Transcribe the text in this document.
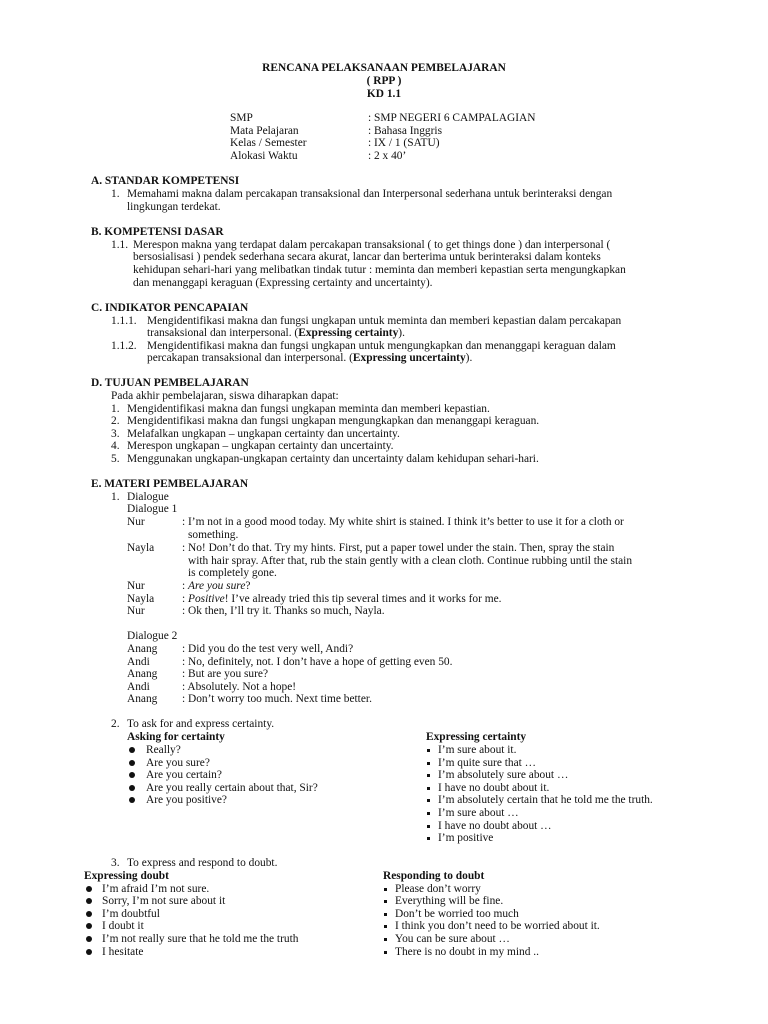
RENCANA PELAKSANAAN PEMBELAJARAN
( RPP )
KD 1.1
SMP	: SMP NEGERI 6 CAMPALAGIAN
Mata Pelajaran	: Bahasa Inggris
Kelas / Semester	: IX / 1 (SATU)
Alokasi Waktu	: 2 x 40’
A. STANDAR KOMPETENSI
1. Memahami makna dalam percakapan transaksional dan Interpersonal sederhana untuk berinteraksi dengan
lingkungan terdekat.
B. KOMPETENSI DASAR
1.1. Merespon makna yang terdapat dalam percakapan transaksional ( to get things done ) dan interpersonal (
bersosialisasi ) pendek sederhana secara akurat, lancar dan berterima untuk berinteraksi dalam konteks
kehidupan sehari-hari yang melibatkan tindak tutur : meminta dan memberi kepastian serta mengungkapkan
dan menanggapi keraguan (Expressing certainty and uncertainty).
C. INDIKATOR PENCAPAIAN
1.1.1. Mengidentifikasi makna dan fungsi ungkapan untuk meminta dan memberi kepastian dalam percakapan
transaksional dan interpersonal. (Expressing certainty).
1.1.2. Mengidentifikasi makna dan fungsi ungkapan untuk mengungkapkan dan menanggapi keraguan dalam
percakapan transaksional dan interpersonal. (Expressing uncertainty).
D. TUJUAN PEMBELAJARAN
Pada akhir pembelajaran, siswa diharapkan dapat:
1. Mengidentifikasi makna dan fungsi ungkapan meminta dan memberi kepastian.
2. Mengidentifikasi makna dan fungsi ungkapan mengungkapkan dan menanggapi keraguan.
3. Melafalkan ungkapan – ungkapan certainty dan uncertainty.
4. Merespon ungkapan – ungkapan certainty dan uncertainty.
5. Menggunakan ungkapan-ungkapan certainty dan uncertainty dalam kehidupan sehari-hari.
E. MATERI PEMBELAJARAN
1. Dialogue
Dialogue 1
Nur	: I’m not in a good mood today. My white shirt is stained. I think it’s better to use it for a cloth or
something.
Nayla : No! Don’t do that. Try my hints. First, put a paper towel under the stain. Then, spray the stain
with hair spray. After that, rub the stain gently with a clean cloth. Continue rubbing until the stain
is completely gone.
Nur	: Are you sure?
Nayla : Positive! I’ve already tried this tip several times and it works for me.
Nur	: Ok then, I’ll try it. Thanks so much, Nayla.
Dialogue 2
Anang : Did you do the test very well, Andi?
Andi	: No, definitely, not. I don’t have a hope of getting even 50.
Anang : But are you sure?
Andi	: Absolutely. Not a hope!
Anang : Don’t worry too much. Next time better.
2. To ask for and express certainty.
Asking for certainty
Really?
Are you sure?
Are you certain?
Are you really certain about that, Sir?
Are you positive?
Expressing certainty
I’m sure about it.
I’m quite sure that …
I’m absolutely sure about …
I have no doubt about it.
I’m absolutely certain that he told me the truth.
I’m sure about …
I have no doubt about …
I’m positive
3. To express and respond to doubt.
Expressing doubt
I’m afraid I’m not sure.
Sorry, I’m not sure about it
I’m doubtful
I doubt it
I’m not really sure that he told me the truth
I hesitate
Responding to doubt
Please don’t worry
Everything will be fine.
Don’t be worried too much
I think you don’t need to be worried about it.
You can be sure about …
There is no doubt in my mind ..
